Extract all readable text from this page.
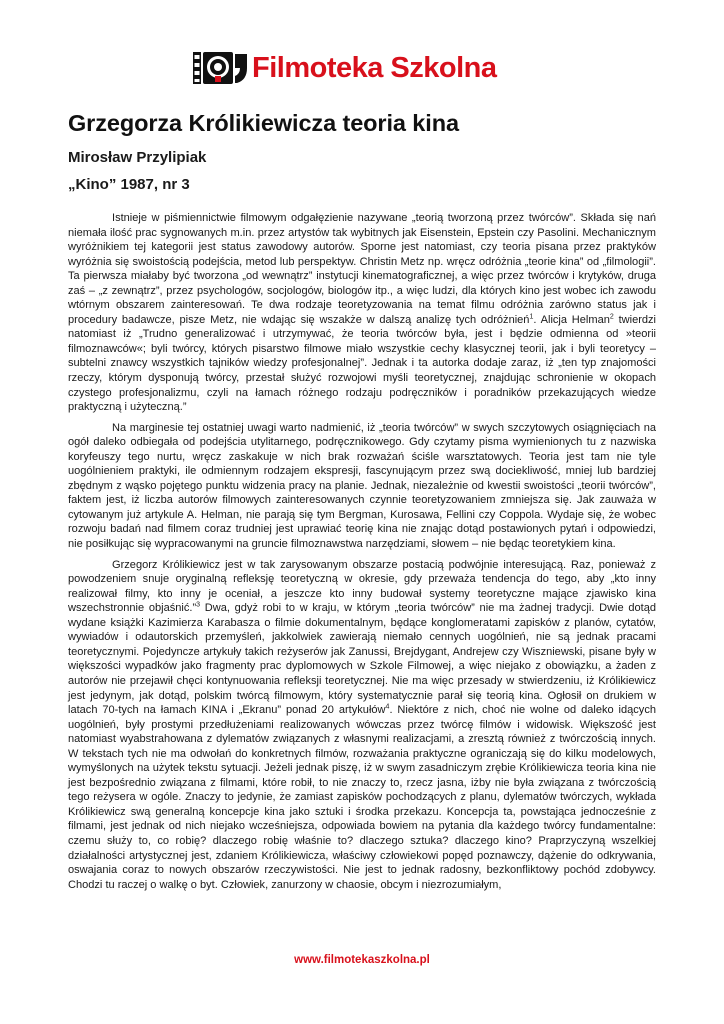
Filmoteka Szkolna
Grzegorza Królikiewicza teoria kina
Mirosław Przylipiak
„Kino” 1987, nr 3

Istnieje w piśmiennictwie filmowym odgałęzienie nazywane „teorią tworzoną przez twórców”. Składa się nań niemała ilość prac sygnowanych m.in. przez artystów tak wybitnych jak Eisenstein, Epstein czy Pasolini. Mechanicznym wyróżnikiem tej kategorii jest status zawodowy autorów. Sporne jest natomiast, czy teoria pisana przez praktyków wyróżnia się swoistością podejścia, metod lub perspektyw. Christin Metz np. wręcz odróżnia „teorie kina” od „filmologii”. Ta pierwsza miałaby być tworzona „od wewnątrz” instytucji kinematograficznej, a więc przez twórców i krytyków, druga zaś – „z zewnątrz”, przez psychologów, socjologów, biologów itp., a więc ludzi, dla których kino jest wobec ich zawodu wtórnym obszarem zainteresowań. Te dwa rodzaje teoretyzowania na temat filmu odróżnia zarówno status jak i procedury badawcze, pisze Metz, nie wdając się wszakże w dalszą analizę tych odróżnień$^1$. Alicja Helman$^2$ twierdzi natomiast iż „Trudno generalizować i utrzymywać, że teoria twórców była, jest i będzie odmienna od »teorii filmoznawców«; byli twórcy, których pisarstwo filmowe miało wszystkie cechy klasycznej teorii, jak i byli teoretycy – subtelni znawcy wszystkich tajników wiedzy profesjonalnej”. Jednak i ta autorka dodaje zaraz, iż „ten typ znajomości rzeczy, którym dysponują twórcy, przestał służyć rozwojowi myśli teoretycznej, znajdując schronienie w okopach czystego profesjonalizmu, czyli na łamach różnego rodzaju podręczników i poradników przekazujących wiedze praktyczną i użyteczną.”

Na marginesie tej ostatniej uwagi warto nadmienić, iż „teoria twórców” w swych szczytowych osiągnięciach na ogół daleko odbiegała od podejścia utylitarnego, podręcznikowego. Gdy czytamy pisma wymienionych tu z nazwiska koryfeuszy tego nurtu, wręcz zaskakuje w nich brak rozważań ściśle warsztatowych. Teoria jest tam nie tyle uogólnieniem praktyki, ile odmiennym rodzajem ekspresji, fascynującym przez swą dociekliwość, mniej lub bardziej zbędnym z wąsko pojętego punktu widzenia pracy na planie. Jednak, niezależnie od kwestii swoistości „teorii twórców”, faktem jest, iż liczba autorów filmowych zainteresowanych czynnie teoretyzowaniem zmniejsza się. Jak zauważa w cytowanym już artykule A. Helman, nie parają się tym Bergman, Kurosawa, Fellini czy Coppola. Wydaje się, że wobec rozwoju badań nad filmem coraz trudniej jest uprawiać teorię kina nie znając dotąd postawionych pytań i odpowiedzi, nie posiłkując się wypracowanymi na gruncie filmoznawstwa narzędziami, słowem – nie będąc teoretykiem kina.

Grzegorz Królikiewicz jest w tak zarysowanym obszarze postacią podwójnie interesującą. Raz, ponieważ z powodzeniem snuje oryginalną refleksję teoretyczną w okresie, gdy przeważa tendencja do tego, aby „kto inny realizował filmy, kto inny je oceniał, a jeszcze kto inny budował systemy teoretyczne mające zjawisko kina wszechstronnie objaśnić.”$^3$ Dwa, gdyż robi to w kraju, w którym „teoria twórców” nie ma żadnej tradycji. Dwie dotąd wydane książki Kazimierza Karabasza o filmie dokumentalnym, będące konglomeratami zapisków z planów, cytatów, wywiadów i odautorskich przemyśleń, jakkolwiek zawierają niemało cennych uogólnień, nie są jednak pracami teoretycznymi. Pojedyncze artykuły takich reżyserów jak Zanussi, Brejdygant, Andrejew czy Wiszniewski, pisane były w większości wypadków jako fragmenty prac dyplomowych w Szkole Filmowej, a więc niejako z obowiązku, a żaden z autorów nie przejawił chęci kontynuowania refleksji teoretycznej. Nie ma więc przesady w stwierdzeniu, iż Królikiewicz jest jedynym, jak dotąd, polskim twórcą filmowym, który systematycznie parał się teorią kina. Ogłosił on drukiem w latach 70-tych na łamach KINA i „Ekranu” ponad 20 artykułów$^4$. Niektóre z nich, choć nie wolne od daleko idących uogólnień, były prostymi przedłużeniami realizowanych wówczas przez twórcę filmów i widowisk. Większość jest natomiast wyabstrahowana z dylematów związanych z własnymi realizacjami, a zresztą również z twórczością innych. W tekstach tych nie ma odwołań do konkretnych filmów, rozważania praktyczne ograniczają się do kilku modelowych, wymyślonych na użytek tekstu sytuacji. Jeżeli jednak piszę, iż w swym zasadniczym zrębie Królikiewicza teoria kina nie jest bezpośrednio związana z filmami, które robił, to nie znaczy to, rzecz jasna, iżby nie była związana z twórczością tego reżysera w ogóle. Znaczy to jedynie, że zamiast zapisków pochodzących z planu, dylematów twórczych, wykłada Królikiewicz swą generalną koncepcje kina jako sztuki i środka przekazu. Koncepcja ta, powstająca jednocześnie z filmami, jest jednak od nich niejako wcześniejsza, odpowiada bowiem na pytania dla każdego twórcy fundamentalne: czemu służy to, co robię? dlaczego robię właśnie to? dlaczego sztuka? dlaczego kino? Praprzyczyną wszelkiej działalności artystycznej jest, zdaniem Królikiewicza, właściwy człowiekowi popęd poznawczy, dążenie do odkrywania, oswajania coraz to nowych obszarów rzeczywistości. Nie jest to jednak radosny, bezkonfliktowy pochód zdobywcy. Chodzi tu raczej o walkę o byt. Człowiek, zanurzony w chaosie, obcym i niezrozumiałym,

www.filmotekaszkolna.pl
